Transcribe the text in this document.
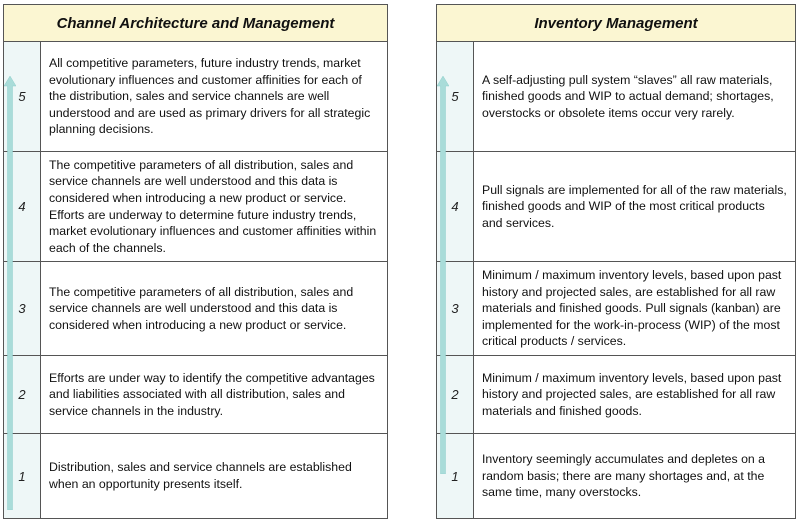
Channel Architecture and Management
5
All competitive parameters, future industry trends, market evolutionary influences and customer affinities for each of the distribution, sales and service channels are well understood and are used as primary drivers for all strategic planning decisions.
4
The competitive parameters of all distribution, sales and service channels are well understood and this data is considered when introducing a new product or service. Efforts are underway to determine future industry trends, market evolutionary influences and customer affinities within each of the channels.
3
The competitive parameters of all distribution, sales and service channels are well understood and this data is considered when introducing a new product or service.
2
Efforts are under way to identify the competitive advantages and liabilities associated with all distribution, sales and service channels in the industry.
1
Distribution, sales and service channels are established when an opportunity presents itself.
Inventory Management
5
A self-adjusting pull system “slaves” all raw materials, finished goods and WIP to actual demand; shortages, overstocks or obsolete items occur very rarely.
4
Pull signals are implemented for all of the raw materials, finished goods and WIP of the most critical products and services.
3
Minimum / maximum inventory levels, based upon past history and projected sales, are established for all raw materials and finished goods. Pull signals (kanban) are implemented for the work-in-process (WIP) of the most critical products / services.
2
Minimum / maximum inventory levels, based upon past history and projected sales, are established for all raw materials and finished goods.
1
Inventory seemingly accumulates and depletes on a random basis; there are many shortages and, at the same time, many overstocks.
